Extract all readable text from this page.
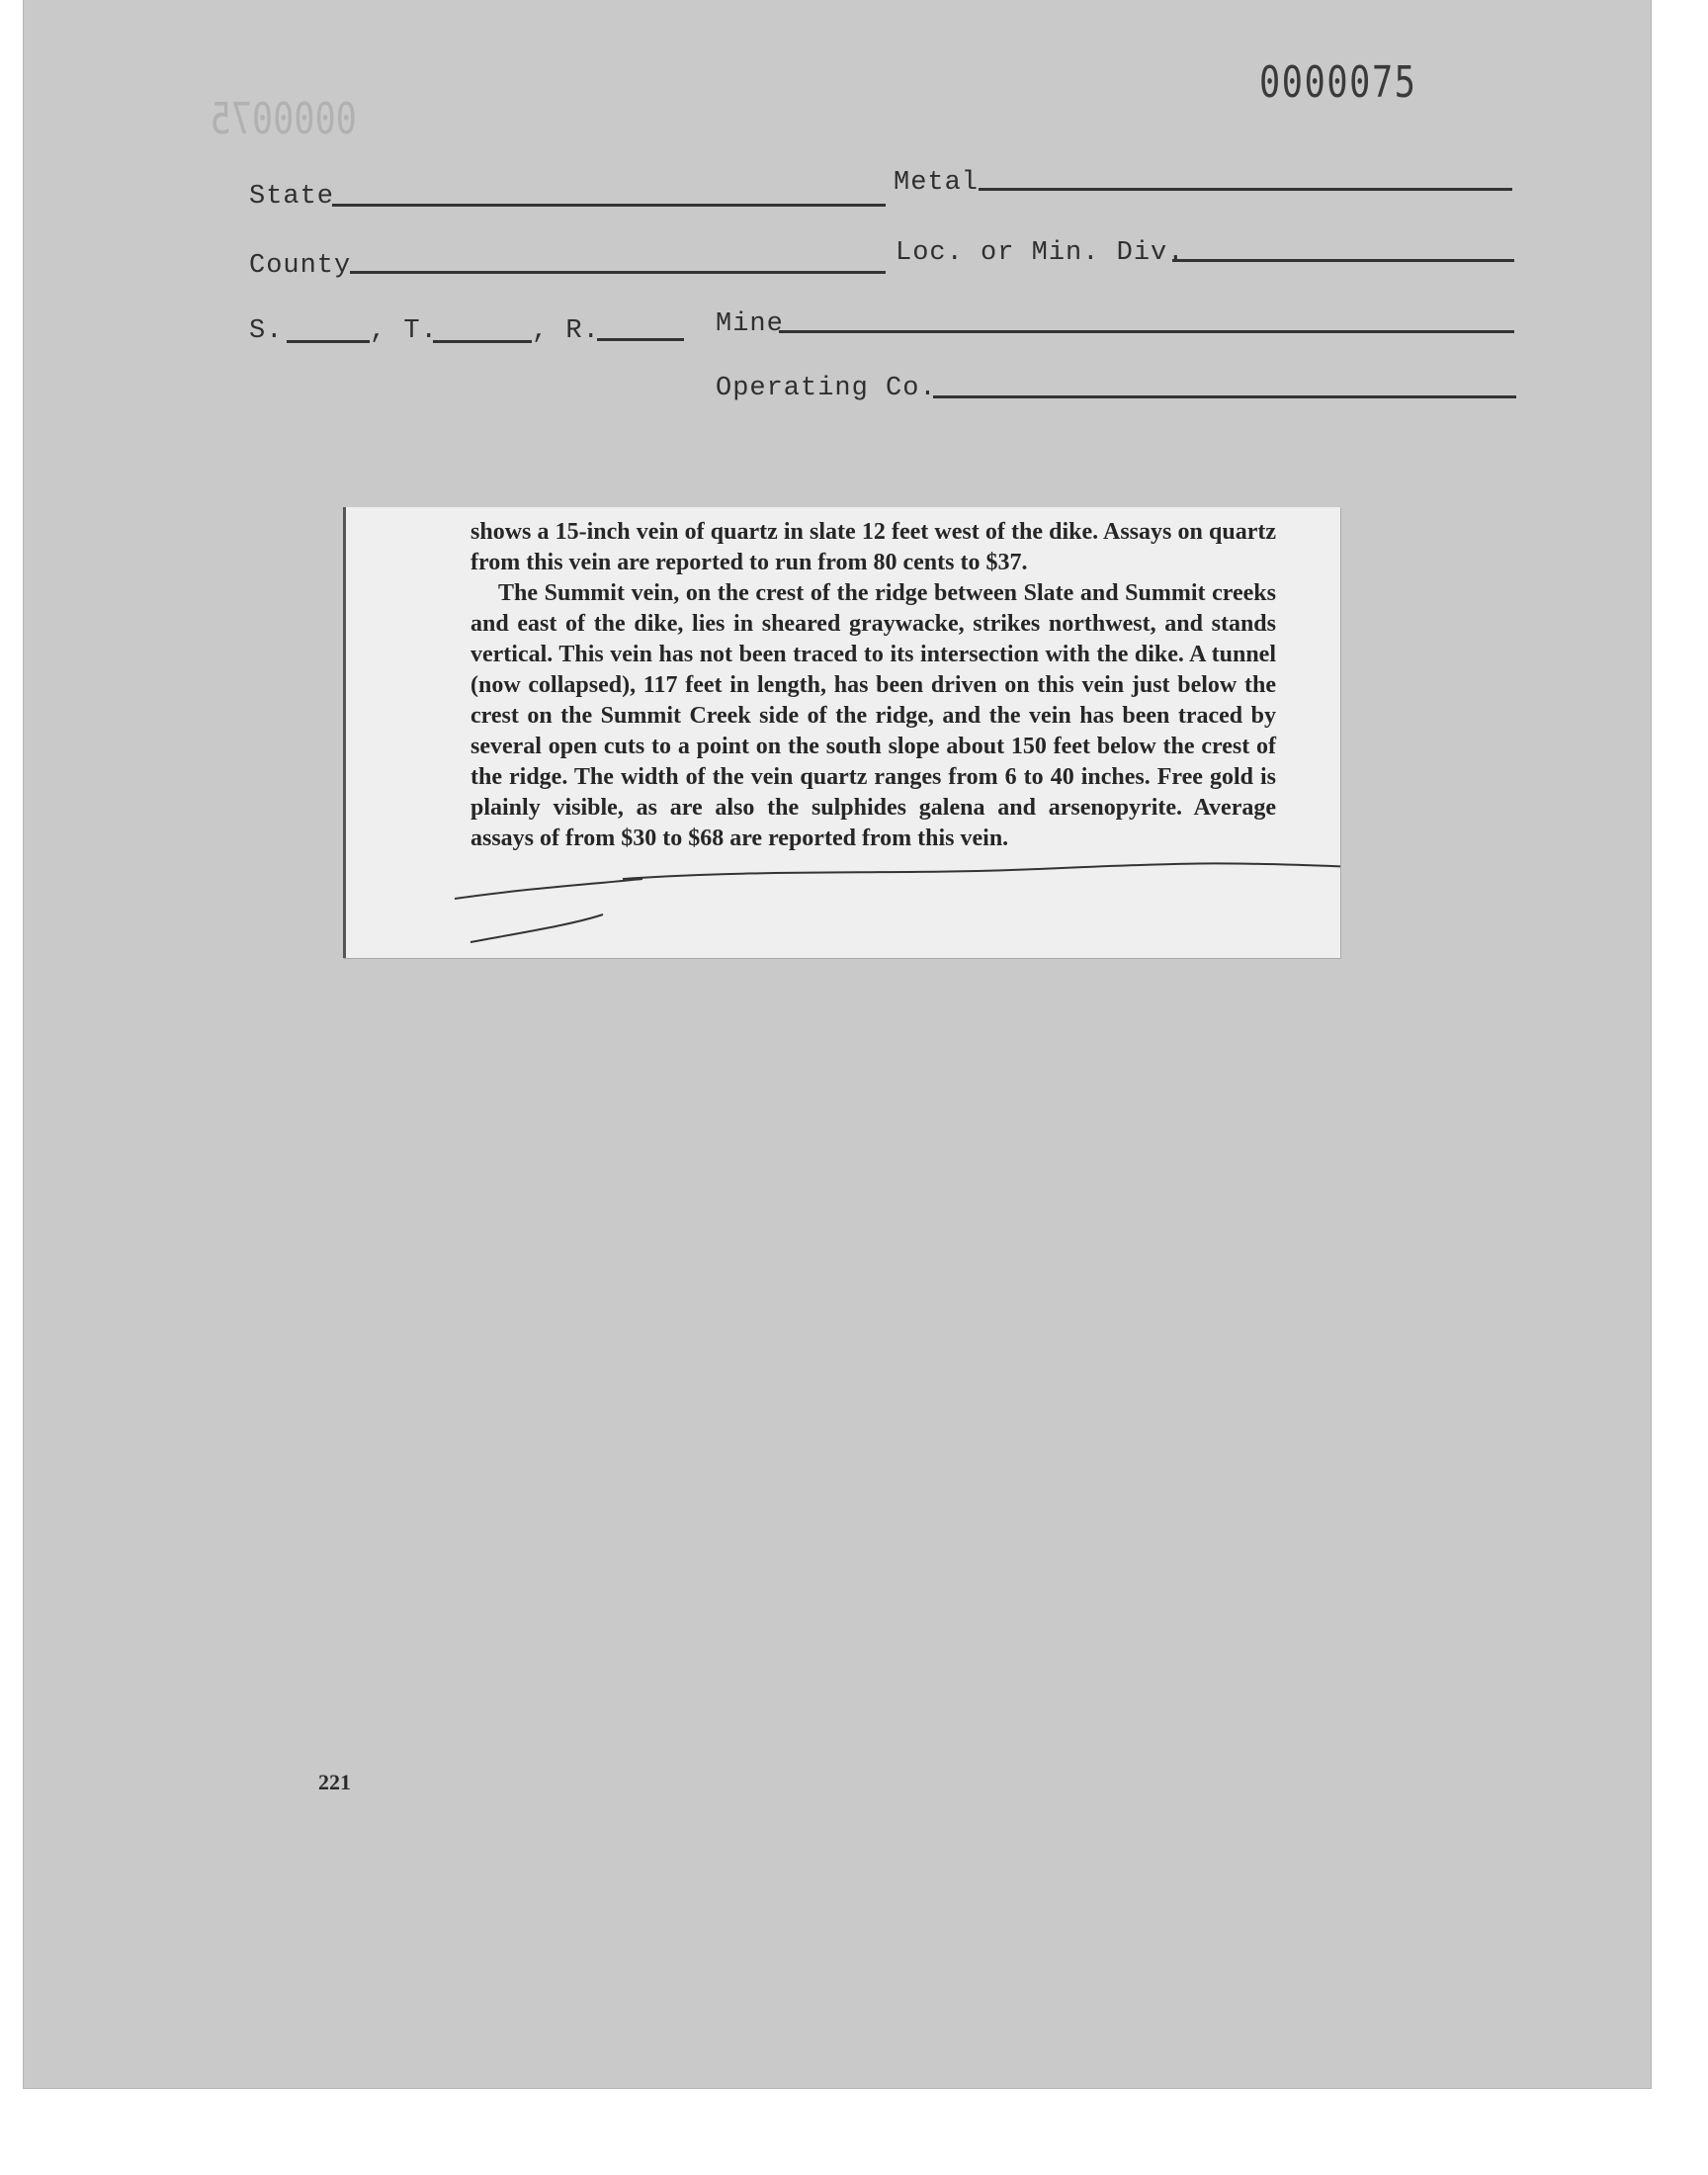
0000075
0000075
State	Metal
County	Loc. or Min. Div.
S.	, T.	, R.	Mine
Operating Co.

shows a 15-inch vein of quartz in slate 12 feet west of the dike. Assays on quartz from this vein are reported to run from 80 cents to $37.

The Summit vein, on the crest of the ridge between Slate and Summit creeks and east of the dike, lies in sheared graywacke, strikes northwest, and stands vertical. This vein has not been traced to its intersection with the dike. A tunnel (now collapsed), 117 feet in length, has been driven on this vein just below the crest on the Summit Creek side of the ridge, and the vein has been traced by several open cuts to a point on the south slope about 150 feet below the crest of the ridge. The width of the vein quartz ranges from 6 to 40 inches. Free gold is plainly visible, as are also the sulphides galena and arsenopyrite. Average assays of from $30 to $68 are reported from this vein.

221
